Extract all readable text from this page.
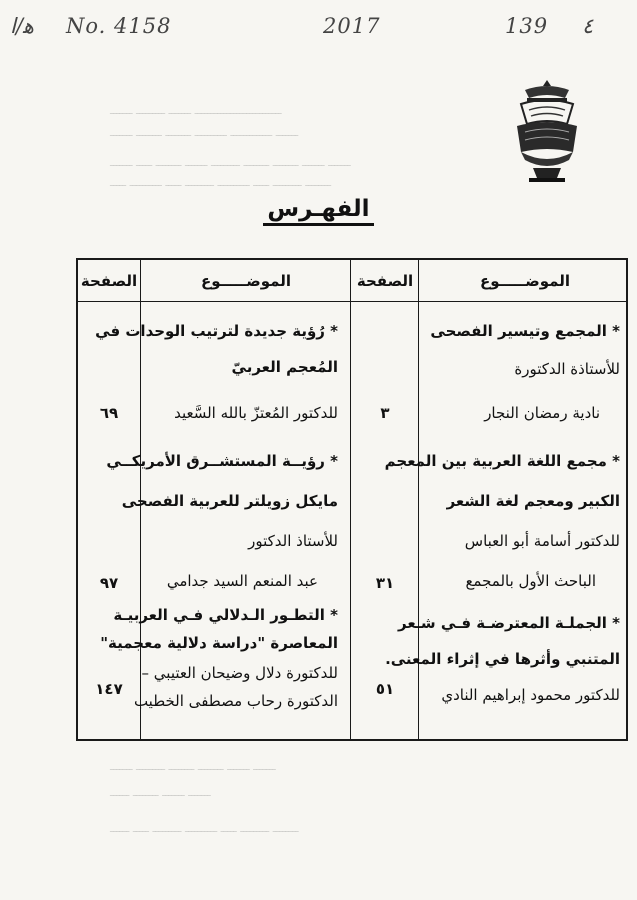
ﻫ/ﺍ No. 4158	2017	139 ٤
ـــــــــــــــــــــــــــ ـــــــ ـــــــــ ـــــــ
ـــــــ ـــــــــــــ ــــــــــ ــــــــ ــــــــ ـــــــ
ـــــــ ـــــــ ــــــــ ــــــــ ـــــــــ ـــــــ ــــــــ ـــــ ـــــــ
ــــــــ ـــــــــ ـــــ ــــــــــ ـــــــــ ـــــ ــــــــــ ـــــ
ـــــــ ـــــــ ــــــــ ــــــــ ـــــــــ ـــــــ
ـــــــ ـــــــ ــــــــ ــــــ
ــــــــ ـــــــــ ـــــ ــــــــــ ـــــــــ ـــــ ــــــ
الفهـرس
الموضـــــوع
الصفحة
الموضـــــوع
الصفحة
* المجمع وتيسير الفصحى
للأستاذة الدكتورة
نادية رمضان النجار
٣
* مجمع اللغة العربية بين المعجم
الكبير ومعجم لغة الشعر
للدكتور أسامة أبو العباس
الباحث الأول بالمجمع
٣١
* الجملـة المعترضـة فـي شـعر
المتنبي وأثرها في إثراء المعنى.
للدكتور محمود إبراهيم النادي
٥١
* رُؤية جديدة لترتيب الوحدات في
المُعجم العربيّ
للدكتور المُعتزّ بالله السَّعيد
٦٩
* رؤيــة المستشــرق الأمريكــي
مايكل زويلتر للعربية الفصحى
للأستاذ الدكتور
عبد المنعم السيد جدامي
٩٧
* التطـور الـدلالي فـي العربيـة
المعاصرة "دراسة دلالية معجمية"
للدكتورة دلال وضيحان العتيبي –
الدكتورة رحاب مصطفى الخطيب
١٤٧
